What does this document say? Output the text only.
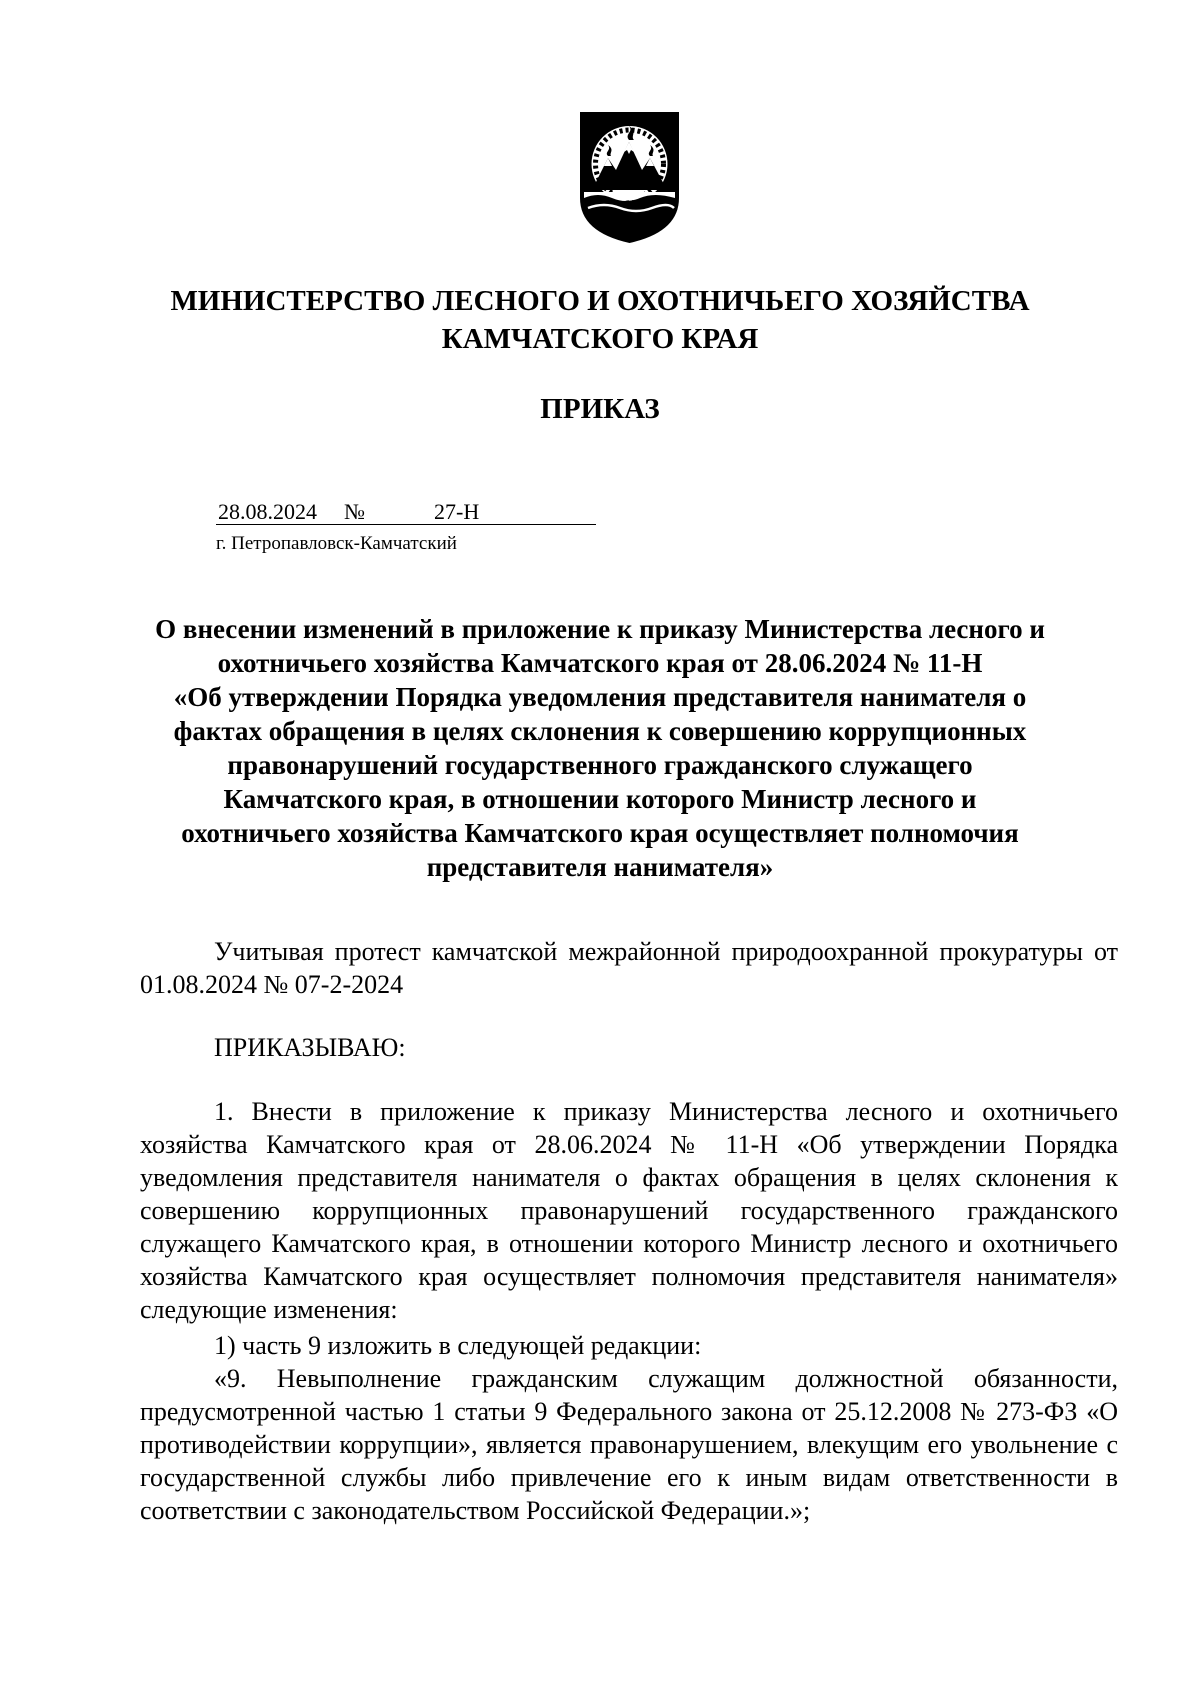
МИНИСТЕРСТВО ЛЕСНОГО И ОХОТНИЧЬЕГО ХОЗЯЙСТВА
КАМЧАТСКОГО КРАЯ
ПРИКАЗ
28.08.2024 №	27-Н
г. Петропавловск-Камчатский
О внесении изменений в приложение к приказу Министерства лесного и
охотничьего хозяйства Камчатского края от 28.06.2024 № 11-Н
«Об утверждении Порядка уведомления представителя нанимателя о
фактах обращения в целях склонения к совершению коррупционных
правонарушений государственного гражданского служащего
Камчатского края, в отношении которого Министр лесного и
охотничьего хозяйства Камчатского края осуществляет полномочия
представителя нанимателя»
Учитывая протест камчатской межрайонной природоохранной прокуратуры от 01.08.2024 № 07-2-2024
ПРИКАЗЫВАЮ:
1. Внести в приложение к приказу Министерства лесного и охотничьего хозяйства Камчатского края от 28.06.2024 № 11-Н «Об утверждении Порядка уведомления представителя нанимателя о фактах обращения в целях склонения к совершению коррупционных правонарушений государственного гражданского служащего Камчатского края, в отношении которого Министр лесного и охотничьего хозяйства Камчатского края осуществляет полномочия представителя нанимателя» следующие изменения:
1) часть 9 изложить в следующей редакции:
«9. Невыполнение гражданским служащим должностной обязанности, предусмотренной частью 1 статьи 9 Федерального закона от 25.12.2008 № 273-ФЗ «О противодействии коррупции», является правонарушением, влекущим его увольнение с государственной службы либо привлечение его к иным видам ответственности в соответствии с законодательством Российской Федерации.»;
